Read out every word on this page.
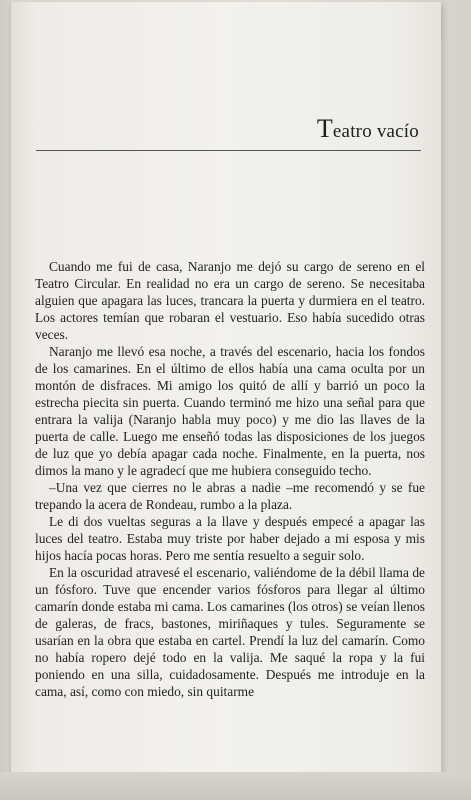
Teatro vacío

Cuando me fui de casa, Naranjo me dejó su cargo de sereno en el Teatro Circular. En realidad no era un cargo de sereno. Se necesitaba alguien que apagara las luces, trancara la puerta y durmiera en el teatro. Los actores temían que robaran el vestuario. Eso había sucedido otras veces.

Naranjo me llevó esa noche, a través del escenario, hacia los fondos de los camarines. En el último de ellos había una cama oculta por un montón de disfraces. Mi amigo los quitó de allí y barrió un poco la estrecha piecita sin puerta. Cuando terminó me hizo una señal para que entrara la valija (Naranjo habla muy poco) y me dio las llaves de la puerta de calle. Luego me enseñó todas las disposiciones de los juegos de luz que yo debía apagar cada noche. Finalmente, en la puerta, nos dimos la mano y le agradecí que me hubiera conseguido techo.

–Una vez que cierres no le abras a nadie –me recomendó y se fue trepando la acera de Rondeau, rumbo a la plaza.

Le di dos vueltas seguras a la llave y después empecé a apagar las luces del teatro. Estaba muy triste por haber dejado a mi esposa y mis hijos hacía pocas horas. Pero me sentía resuelto a seguir solo.

En la oscuridad atravesé el escenario, valiéndome de la débil llama de un fósforo. Tuve que encender varios fósforos para llegar al último camarín donde estaba mi cama. Los camarines (los otros) se veían llenos de galeras, de fracs, bastones, miriñaques y tules. Seguramente se usarían en la obra que estaba en cartel. Prendí la luz del camarín. Como no había ropero dejé todo en la valija. Me saqué la ropa y la fui poniendo en una silla, cuidadosamente. Después me introduje en la cama, así, como con miedo, sin quitarme
